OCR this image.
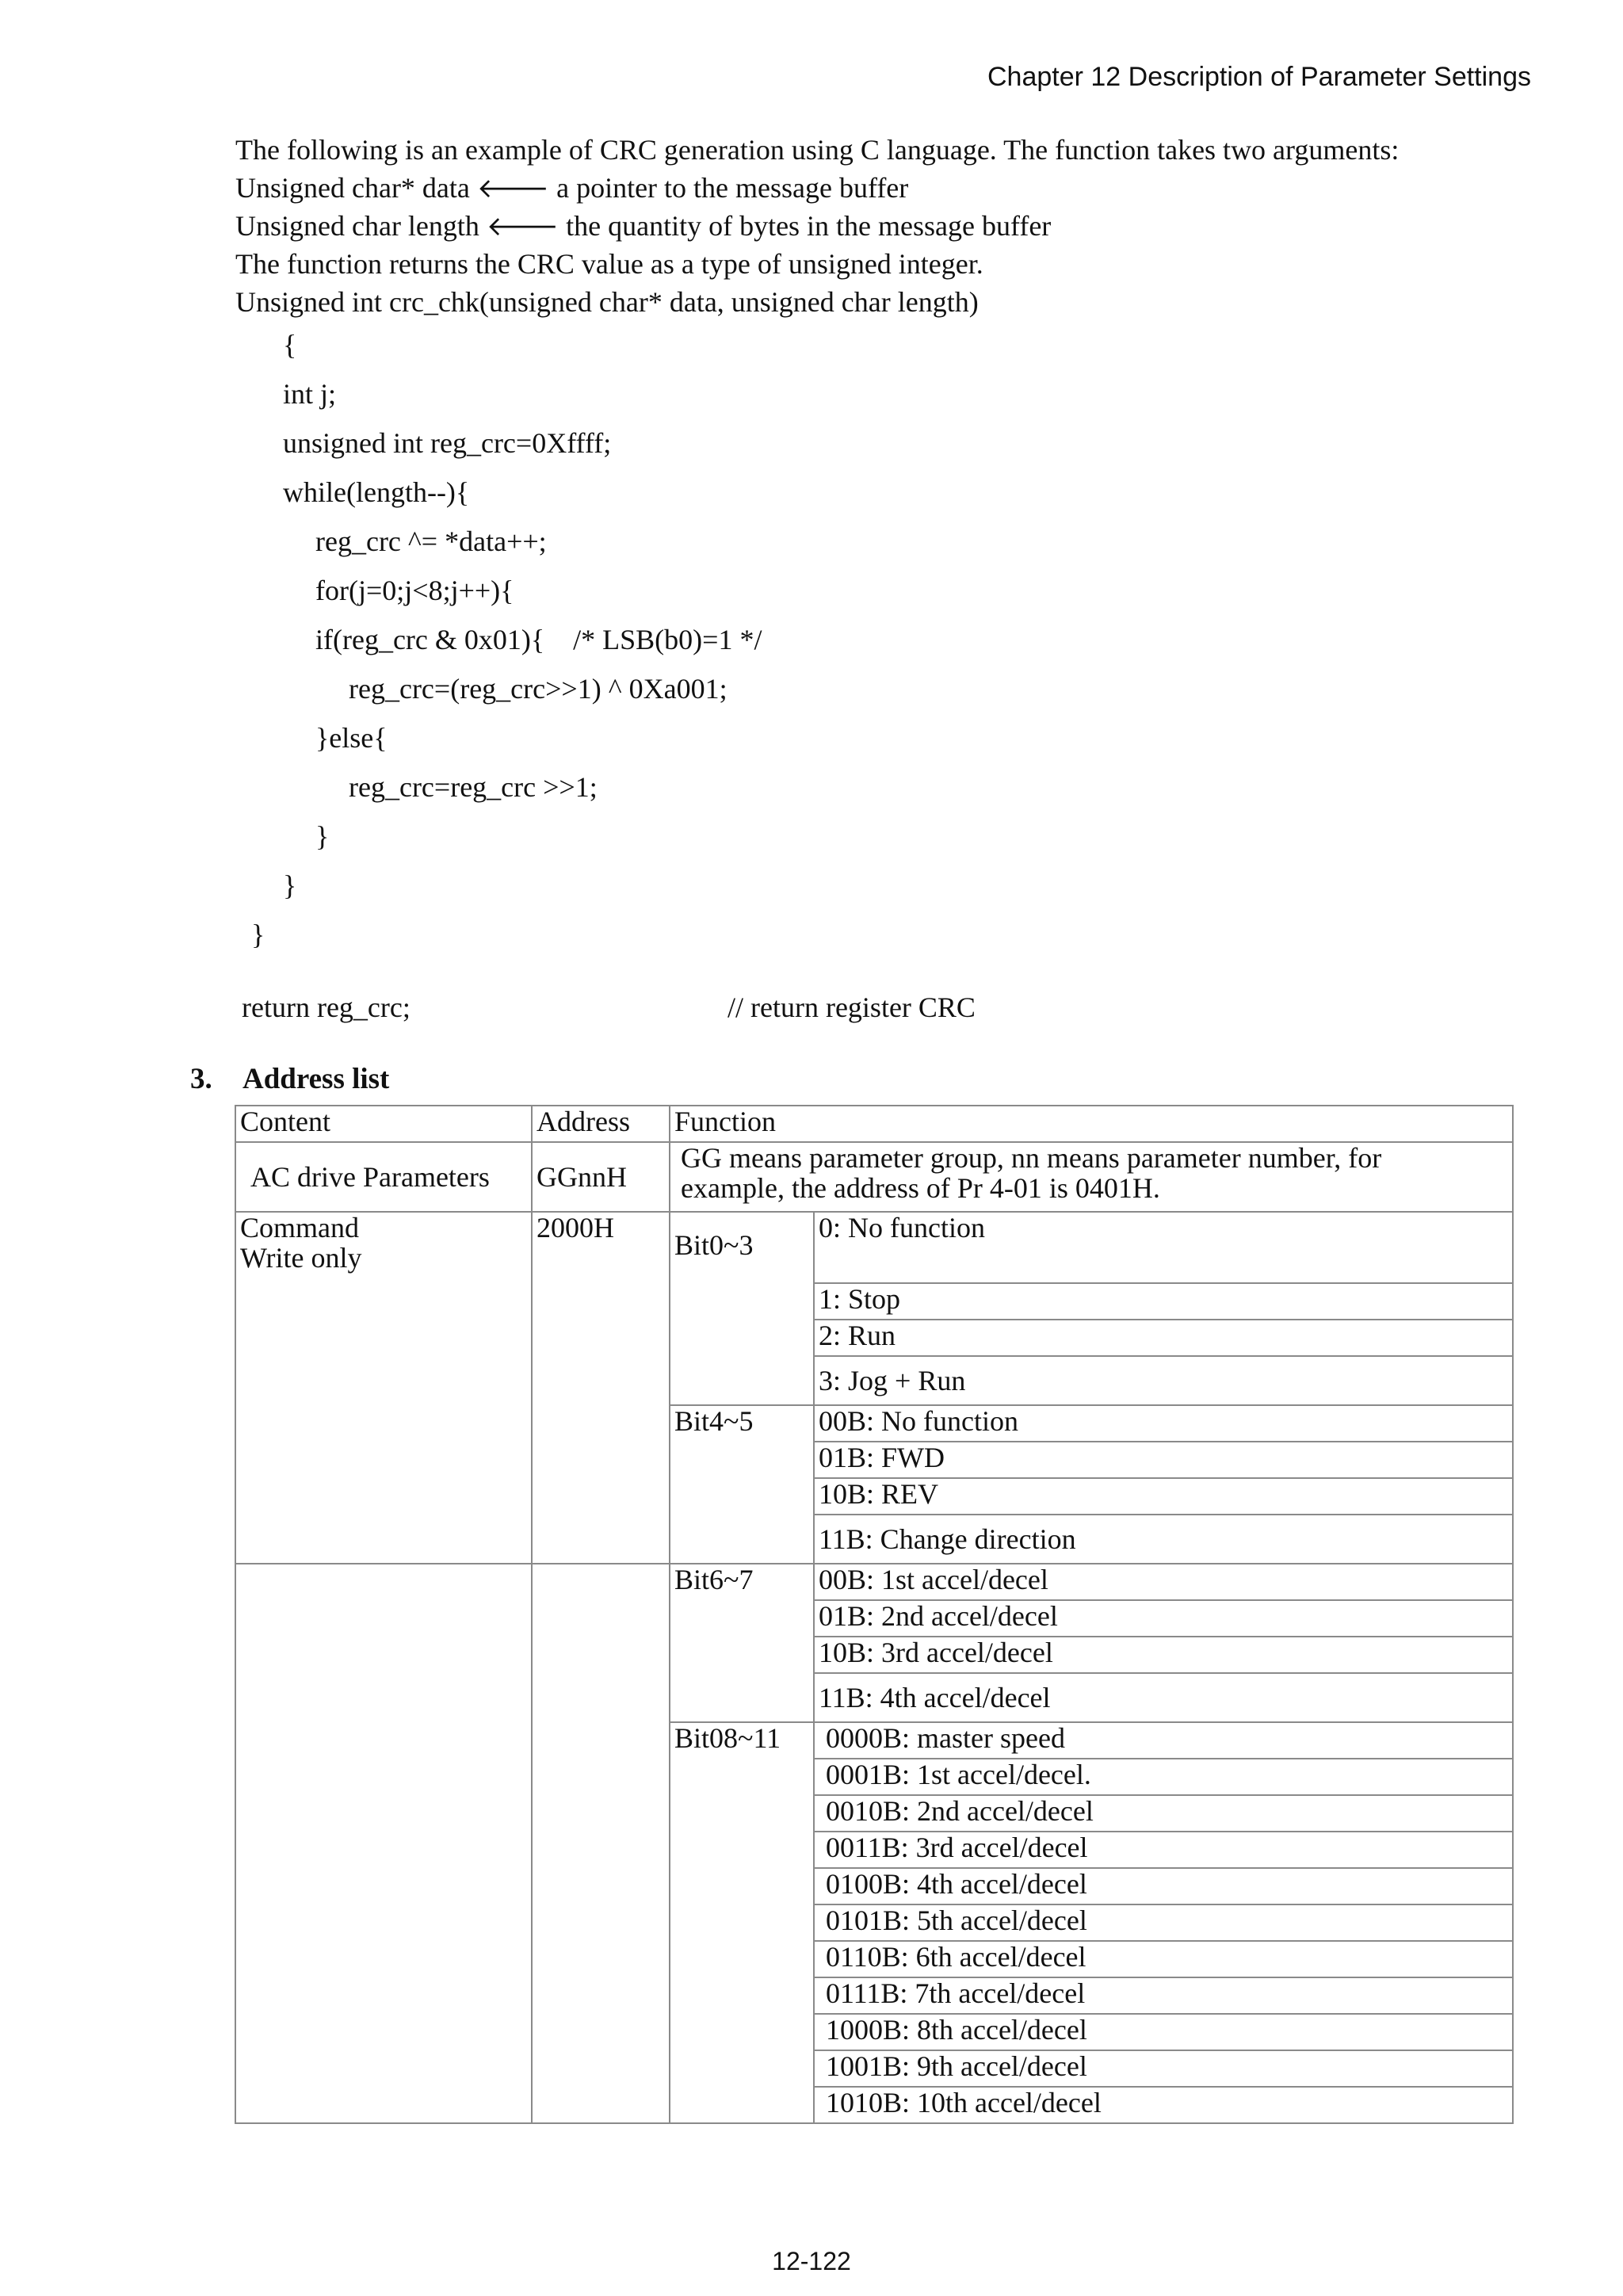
Chapter 12 Description of Parameter Settings
The following is an example of CRC generation using C language. The function takes two arguments:
Unsigned char* data 🡐 a pointer to the message buffer
Unsigned char length 🡐 the quantity of bytes in the message buffer
The function returns the CRC value as a type of unsigned integer.
Unsigned int crc_chk(unsigned char* data, unsigned char length)
{
int j;
unsigned int reg_crc=0Xffff;
while(length--){
reg_crc ^= *data++;
for(j=0;j<8;j++){
if(reg_crc & 0x01){    /* LSB(b0)=1 */
reg_crc=(reg_crc>>1) ^ 0Xa001;
}else{
reg_crc=reg_crc >>1;
}
}
}
return reg_crc;	// return register CRC
3. Address list
Content	Address	Function	
AC drive Parameters	GGnnH	GG means parameter group, nn means parameter number, for
example, the address of Pr 4-01 is 0401H.	

Command
Write only	2000H	Bit0~3	0: No function
			1: Stop
			2: Run
			3: Jog + Run
		Bit4~5	00B: No function
			01B: FWD
			10B: REV
			11B: Change direction
		Bit6~7	00B: 1st accel/decel
			01B: 2nd accel/decel
			10B: 3rd accel/decel
			11B: 4th accel/decel
		Bit08~11	0000B: master speed
			0001B: 1st accel/decel.
			0010B: 2nd accel/decel
			0011B: 3rd accel/decel
			0100B: 4th accel/decel
			0101B: 5th accel/decel
			0110B: 6th accel/decel
			0111B: 7th accel/decel
			1000B: 8th accel/decel
			1001B: 9th accel/decel
			1010B: 10th accel/decel
12-122
